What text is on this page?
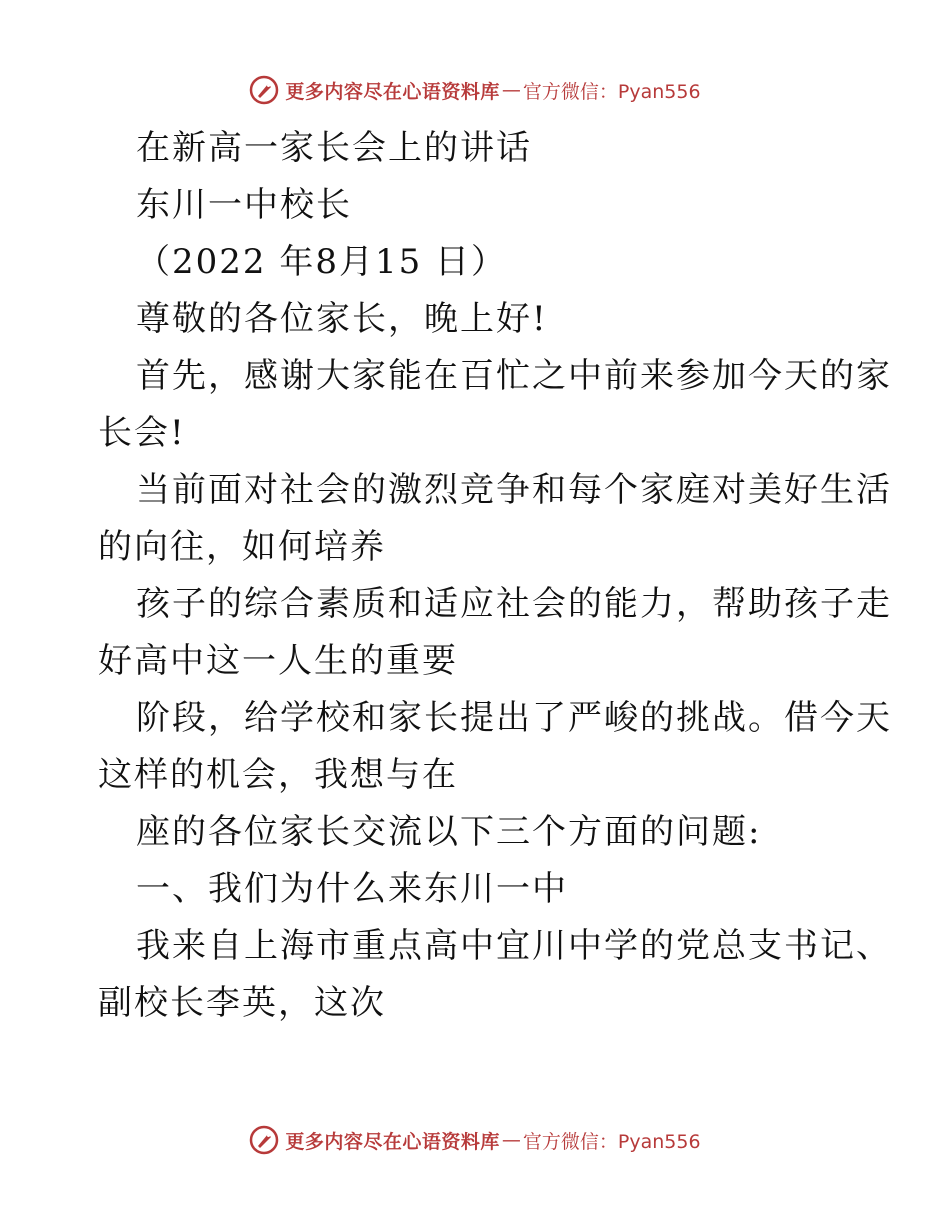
更多内容尽在心语资料库 — 官方微信：Pyan556
在新高一家长会上的讲话
东川一中校长
（2022 年8月15 日）
尊敬的各位家长，晚上好!
首先，感谢大家能在百忙之中前来参加今天的家
长会!
当前面对社会的激烈竞争和每个家庭对美好生活
的向往，如何培养
孩子的综合素质和适应社会的能力，帮助孩子走
好高中这一人生的重要
阶段，给学校和家长提出了严峻的挑战。借今天
这样的机会，我想与在
座的各位家长交流以下三个方面的问题:
一、我们为什么来东川一中
我来自上海市重点高中宜川中学的党总支书记、
副校长李英，这次
更多内容尽在心语资料库 — 官方微信：Pyan556
